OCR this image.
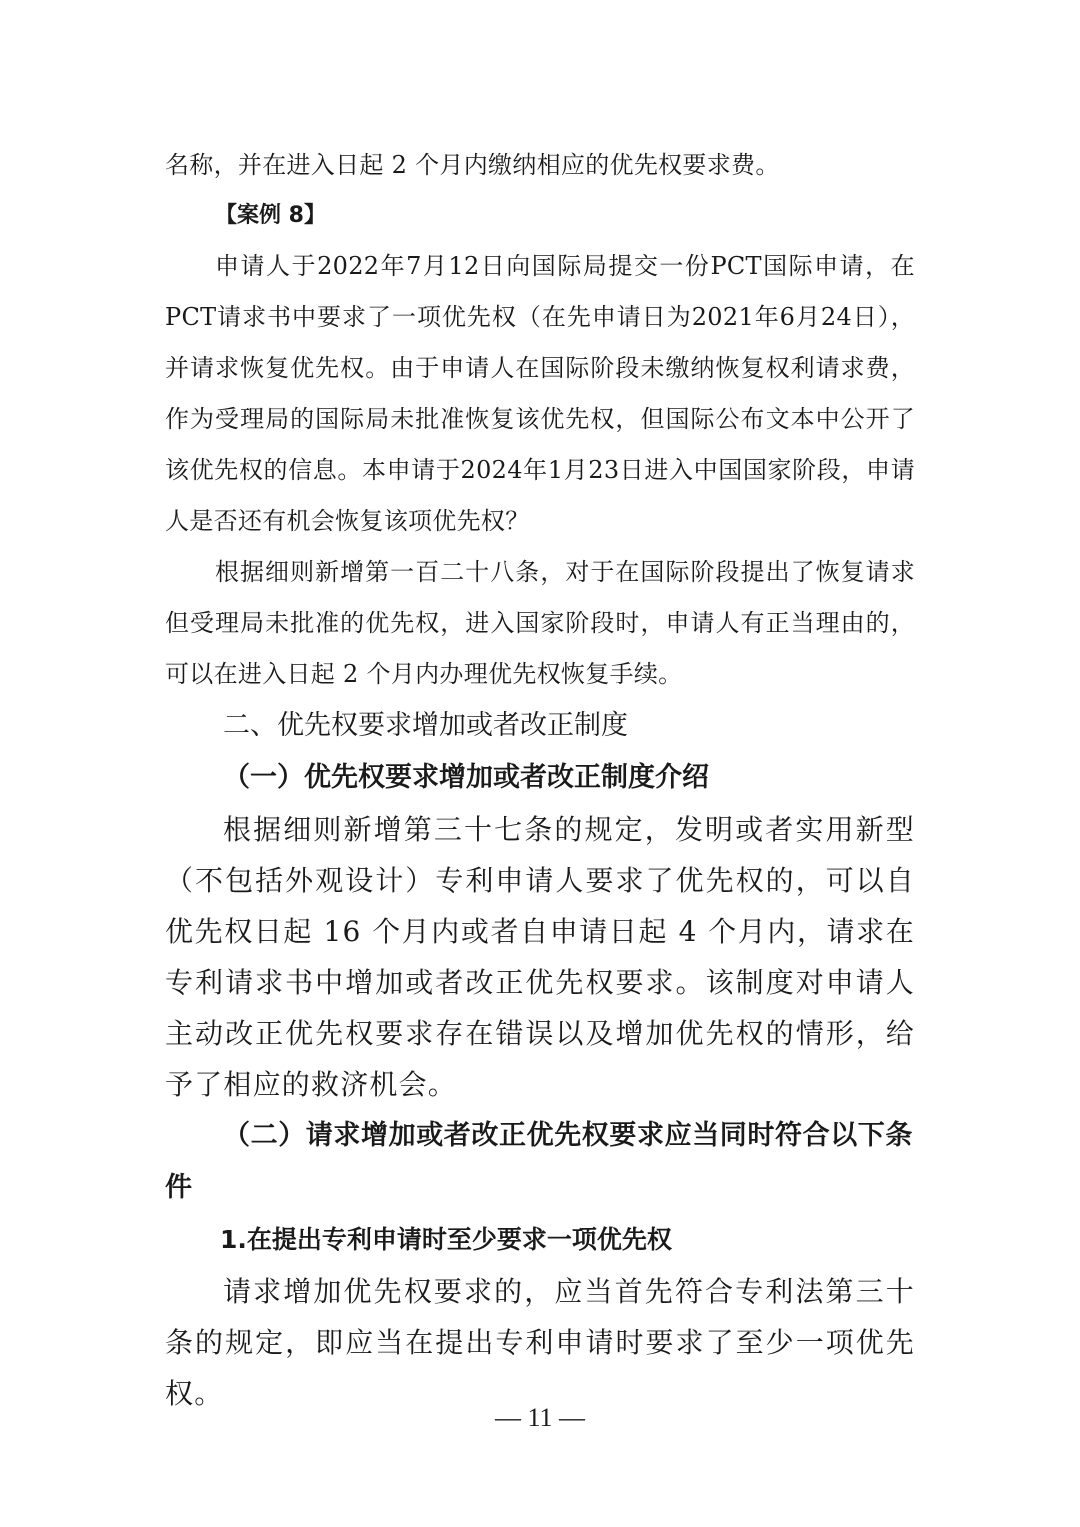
名称，并在进入日起 2 个月内缴纳相应的优先权要求费。

【案例 8】

申请人于2022年7月12日向国际局提交一份PCT国际申请，在PCT请求书中要求了一项优先权（在先申请日为2021年6月24日），并请求恢复优先权。由于申请人在国际阶段未缴纳恢复权利请求费，作为受理局的国际局未批准恢复该优先权，但国际公布文本中公开了该优先权的信息。本申请于2024年1月23日进入中国国家阶段，申请人是否还有机会恢复该项优先权？

根据细则新增第一百二十八条，对于在国际阶段提出了恢复请求但受理局未批准的优先权，进入国家阶段时，申请人有正当理由的，可以在进入日起 2 个月内办理优先权恢复手续。

二、优先权要求增加或者改正制度

（一）优先权要求增加或者改正制度介绍

根据细则新增第三十七条的规定，发明或者实用新型（不包括外观设计）专利申请人要求了优先权的，可以自优先权日起 16 个月内或者自申请日起 4 个月内，请求在专利请求书中增加或者改正优先权要求。该制度对申请人主动改正优先权要求存在错误以及增加优先权的情形，给予了相应的救济机会。

（二）请求增加或者改正优先权要求应当同时符合以下条件

1.在提出专利申请时至少要求一项优先权

请求增加优先权要求的，应当首先符合专利法第三十条的规定，即应当在提出专利申请时要求了至少一项优先权。

— 11 —
